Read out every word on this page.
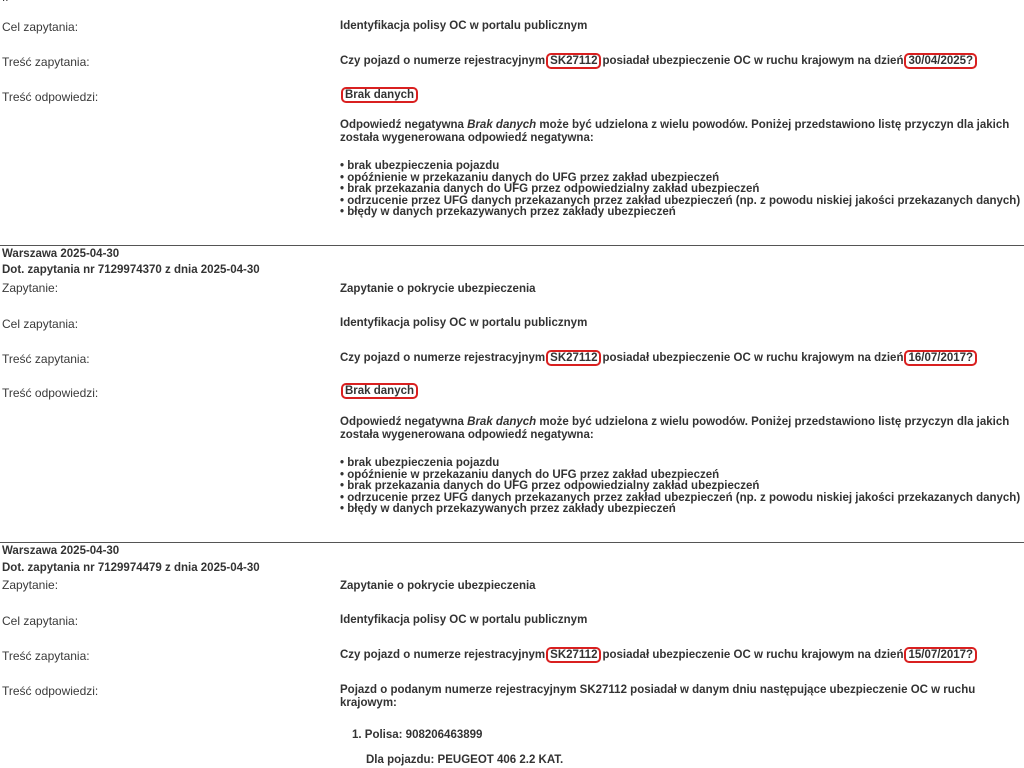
Cel zapytania:	Identyfikacja polisy OC w portalu publicznym
Treść zapytania:	Czy pojazd o numerze rejestracyjnym SK27112 posiadał ubezpieczenie OC w ruchu krajowym na dzień 30/04/2025?
Treść odpowiedzi:	Brak danych
Odpowiedź negatywna Brak danych może być udzielona z wielu powodów. Poniżej przedstawiono listę przyczyn dla jakich została wygenerowana odpowiedź negatywna:
• brak ubezpieczenia pojazdu
• opóźnienie w przekazaniu danych do UFG przez zakład ubezpieczeń
• brak przekazania danych do UFG przez odpowiedzialny zakład ubezpieczeń
• odrzucenie przez UFG danych przekazanych przez zakład ubezpieczeń (np. z powodu niskiej jakości przekazanych danych)
• błędy w danych przekazywanych przez zakłady ubezpieczeń
Warszawa 2025-04-30
Dot. zapytania nr 7129974370 z dnia 2025-04-30
Zapytanie:	Zapytanie o pokrycie ubezpieczenia
Cel zapytania:	Identyfikacja polisy OC w portalu publicznym
Treść zapytania:	Czy pojazd o numerze rejestracyjnym SK27112 posiadał ubezpieczenie OC w ruchu krajowym na dzień 16/07/2017?
Treść odpowiedzi:	Brak danych
Odpowiedź negatywna Brak danych może być udzielona z wielu powodów. Poniżej przedstawiono listę przyczyn dla jakich została wygenerowana odpowiedź negatywna:
• brak ubezpieczenia pojazdu
• opóźnienie w przekazaniu danych do UFG przez zakład ubezpieczeń
• brak przekazania danych do UFG przez odpowiedzialny zakład ubezpieczeń
• odrzucenie przez UFG danych przekazanych przez zakład ubezpieczeń (np. z powodu niskiej jakości przekazanych danych)
• błędy w danych przekazywanych przez zakłady ubezpieczeń
Warszawa 2025-04-30
Dot. zapytania nr 7129974479 z dnia 2025-04-30
Zapytanie:	Zapytanie o pokrycie ubezpieczenia
Cel zapytania:	Identyfikacja polisy OC w portalu publicznym
Treść zapytania:	Czy pojazd o numerze rejestracyjnym SK27112 posiadał ubezpieczenie OC w ruchu krajowym na dzień 15/07/2017?
Treść odpowiedzi:	Pojazd o podanym numerze rejestracyjnym SK27112 posiadał w danym dniu następujące ubezpieczenie OC w ruchu krajowym:
1. Polisa: 908206463899
Dla pojazdu: PEUGEOT 406 2.2 KAT.
